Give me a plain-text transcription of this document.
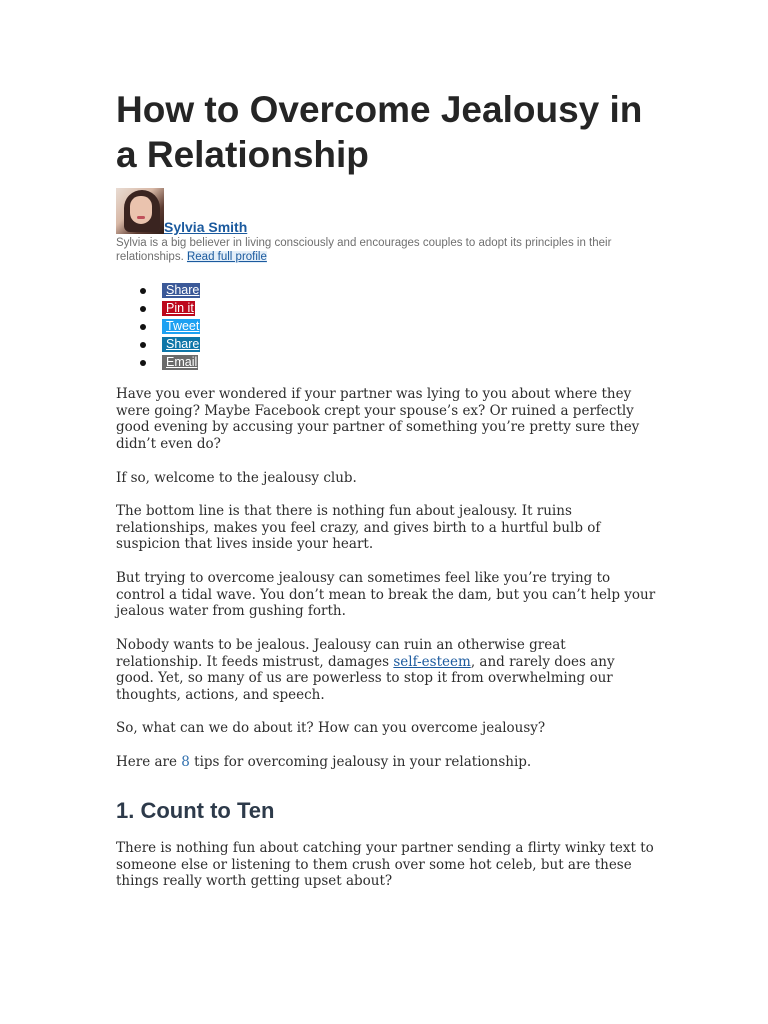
How to Overcome Jealousy in a Relationship
Sylvia Smith
Sylvia is a big believer in living consciously and encourages couples to adopt its principles in their relationships. Read full profile
Share
Pin it
Tweet
Share
Email

Have you ever wondered if your partner was lying to you about where they were going? Maybe Facebook crept your spouse’s ex? Or ruined a perfectly good evening by accusing your partner of something you’re pretty sure they didn’t even do?

If so, welcome to the jealousy club.

The bottom line is that there is nothing fun about jealousy. It ruins relationships, makes you feel crazy, and gives birth to a hurtful bulb of suspicion that lives inside your heart.

But trying to overcome jealousy can sometimes feel like you’re trying to control a tidal wave. You don’t mean to break the dam, but you can’t help your jealous water from gushing forth.

Nobody wants to be jealous. Jealousy can ruin an otherwise great relationship. It feeds mistrust, damages self-esteem, and rarely does any good. Yet, so many of us are powerless to stop it from overwhelming our thoughts, actions, and speech.

So, what can we do about it? How can you overcome jealousy?

Here are 8 tips for overcoming jealousy in your relationship.

1. Count to Ten

There is nothing fun about catching your partner sending a flirty winky text to someone else or listening to them crush over some hot celeb, but are these things really worth getting upset about?
